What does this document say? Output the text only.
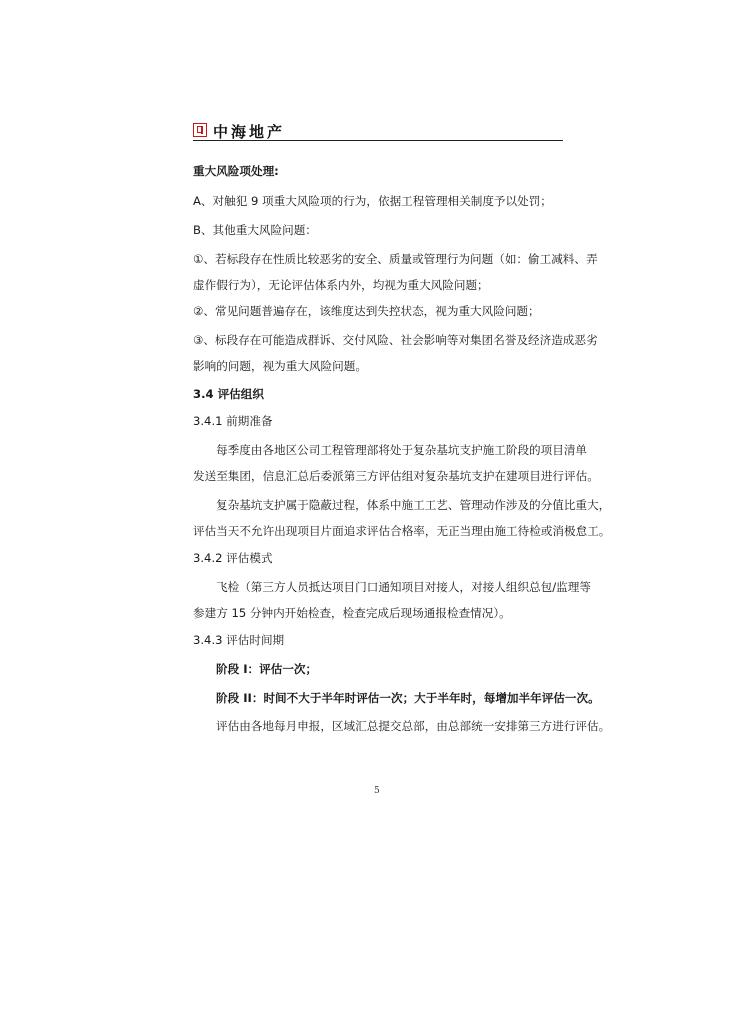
中海地产
重大风险项处理:
A、对触犯 9 项重大风险项的行为，依据工程管理相关制度予以处罚；
B、其他重大风险问题：
①、若标段存在性质比较恶劣的安全、质量或管理行为问题（如：偷工减料、弄
虚作假行为），无论评估体系内外，均视为重大风险问题；
②、常见问题普遍存在，该维度达到失控状态，视为重大风险问题；
③、标段存在可能造成群诉、交付风险、社会影响等对集团名誉及经济造成恶劣
影响的问题，视为重大风险问题。
3.4 评估组织
3.4.1 前期准备
每季度由各地区公司工程管理部将处于复杂基坑支护施工阶段的项目清单
发送至集团，信息汇总后委派第三方评估组对复杂基坑支护在建项目进行评估。
复杂基坑支护属于隐蔽过程，体系中施工工艺、管理动作涉及的分值比重大，
评估当天不允许出现项目片面追求评估合格率，无正当理由施工待检或消极怠工。
3.4.2 评估模式
飞检（第三方人员抵达项目门口通知项目对接人，对接人组织总包/监理等
参建方 15 分钟内开始检查，检查完成后现场通报检查情况）。
3.4.3 评估时间期
阶段 I：评估一次；
阶段 II：时间不大于半年时评估一次；大于半年时，每增加半年评估一次。
评估由各地每月申报，区域汇总提交总部，由总部统一安排第三方进行评估。
5
